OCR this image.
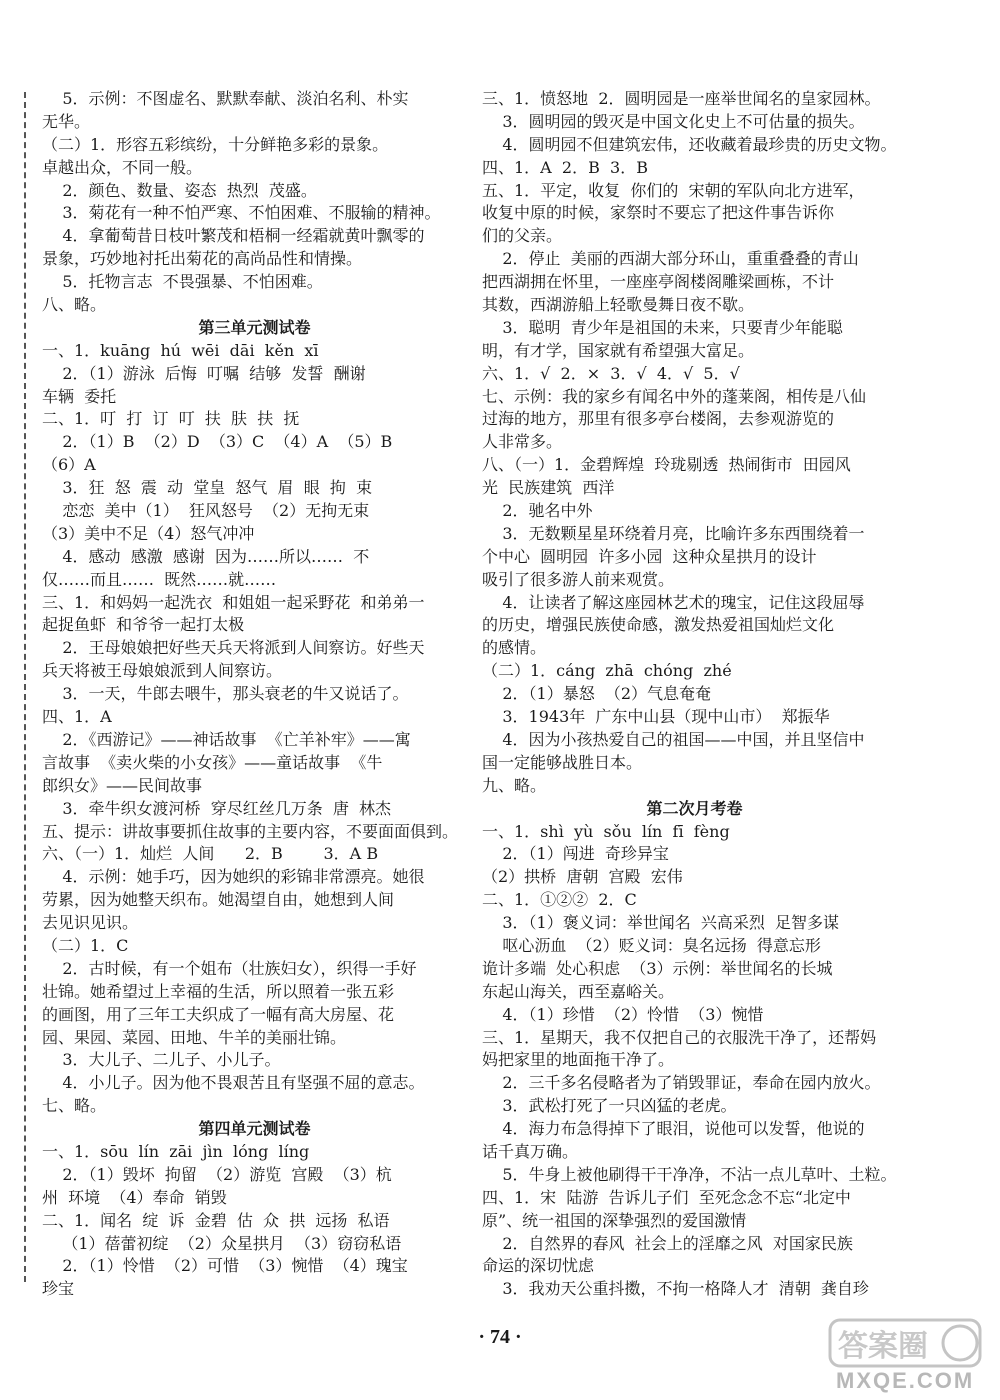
5．示例：不图虚名、默默奉献、淡泊名利、朴实
无华。
（二）1．形容五彩缤纷，十分鲜艳多彩的景象。
卓越出众，不同一般。
2．颜色、数量、姿态  热烈  茂盛。
3．菊花有一种不怕严寒、不怕困难、不服输的精神。
4．拿葡萄昔日枝叶繁茂和梧桐一经霜就黄叶飘零的
景象，巧妙地衬托出菊花的高尚品性和情操。
5．托物言志  不畏强暴、不怕困难。
八、略。
第三单元测试卷
一、1．kuāng  hú  wēi  dāi  kěn  xī
2．（1）游泳  后悔  叮嘱  结够  发誓  酬谢
车辆  委托
二、1．叮  打  订  叮  扶  肤  扶  抚
2．（1）B  （2）D  （3）C  （4）A  （5）B
（6）A
3．狂  怒  震  动  堂皇  怒气  眉  眼  拘  束
恋恋  美中（1）  狂风怒号  （2）无拘无束
（3）美中不足（4）怒气冲冲
4．感动  感激  感谢  因为……所以……  不
仅……而且……  既然……就……
三、1．和妈妈一起洗衣  和姐姐一起采野花  和弟弟一
起捉鱼虾  和爷爷一起打太极
2．王母娘娘把好些天兵天将派到人间察访。好些天
兵天将被王母娘娘派到人间察访。
3．一天，牛郎去喂牛，那头衰老的牛又说话了。
四、1．A
2．《西游记》——神话故事  《亡羊补牢》——寓
言故事  《卖火柴的小女孩》——童话故事  《牛
郎织女》——民间故事
3．牵牛织女渡河桥  穿尽红丝几万条  唐  林杰
五、提示：讲故事要抓住故事的主要内容，不要面面俱到。
六、（一）1．灿烂  人间      2．B        3．A B
4．示例：她手巧，因为她织的彩锦非常漂亮。她很
劳累，因为她整天织布。她渴望自由，她想到人间
去见识见识。
（二）1．C
2．古时候，有一个姐布（壮族妇女），织得一手好
壮锦。她希望过上幸福的生活，所以照着一张五彩
的画图，用了三年工夫织成了一幅有高大房屋、花
园、果园、菜园、田地、牛羊的美丽壮锦。
3．大儿子、二儿子、小儿子。
4．小儿子。因为他不畏艰苦且有坚强不屈的意志。
七、略。
第四单元测试卷
一、1．sōu  lín  zāi  jìn  lóng  líng
2．（1）毁坏  拘留  （2）游览  宫殿  （3）杭
州  环境  （4）奉命  销毁
二、1．闻名  绽  诉  金碧  估  众  拱  远扬  私语
（1）蓓蕾初绽  （2）众星拱月  （3）窃窃私语
2．（1）怜惜  （2）可惜  （3）惋惜  （4）瑰宝
珍宝
三、1．愤怒地  2．圆明园是一座举世闻名的皇家园林。
3．圆明园的毁灭是中国文化史上不可估量的损失。
4．圆明园不但建筑宏伟，还收藏着最珍贵的历史文物。
四、1．A  2．B  3．B
五、1．平定，收复  你们的  宋朝的军队向北方进军，
收复中原的时候，家祭时不要忘了把这件事告诉你
们的父亲。
2．停止  美丽的西湖大部分环山，重重叠叠的青山
把西湖拥在怀里，一座座亭阁楼阁雕梁画栋，不计
其数，西湖游船上轻歌曼舞日夜不歇。
3．聪明  青少年是祖国的未来，只要青少年能聪
明，有才学，国家就有希望强大富足。
六、1．√  2．×  3．√  4．√  5．√
七、示例：我的家乡有闻名中外的蓬莱阁，相传是八仙
过海的地方，那里有很多亭台楼阁，去参观游览的
人非常多。
八、（一）1．金碧辉煌  玲珑剔透  热闹街市  田园风
光  民族建筑  西洋
2．驰名中外
3．无数颗星星环绕着月亮，比喻许多东西围绕着一
个中心  圆明园  许多小园  这种众星拱月的设计
吸引了很多游人前来观赏。
4．让读者了解这座园林艺术的瑰宝，记住这段屈辱
的历史，增强民族使命感，激发热爱祖国灿烂文化
的感情。
（二）1．cáng  zhā  chóng  zhé
2．（1）暴怒  （2）气息奄奄
3．1943年  广东中山县（现中山市）  郑振华
4．因为小孩热爱自己的祖国——中国，并且坚信中
国一定能够战胜日本。
九、略。
第二次月考卷
一、1．shì  yù  sǒu  lín  fī  fèng
2．（1）闯进  奇珍异宝
（2）拱桥  唐朝  宫殿  宏伟
二、1．①②②  2．C
3．（1）褒义词：举世闻名  兴高采烈  足智多谋
呕心沥血  （2）贬义词：臭名远扬  得意忘形
诡计多端  处心积虑  （3）示例：举世闻名的长城
东起山海关，西至嘉峪关。
4．（1）珍惜  （2）怜惜  （3）惋惜
三、1．星期天，我不仅把自己的衣服洗干净了，还帮妈
妈把家里的地面拖干净了。
2．三千多名侵略者为了销毁罪证，奉命在园内放火。
3．武松打死了一只凶猛的老虎。
4．海力布急得掉下了眼泪，说他可以发誓，他说的
话千真万确。
5．牛身上被他刷得干干净净，不沾一点儿草叶、土粒。
四、1．宋  陆游  告诉儿子们  至死念念不忘“北定中
原”、统一祖国的深挚强烈的爱国激情
2．自然界的春风  社会上的淫靡之风  对国家民族
命运的深切忧虑
3．我劝天公重抖擞，不拘一格降人才  清朝  龚自珍
· 74 ·	答案圈
MXQE.COM
